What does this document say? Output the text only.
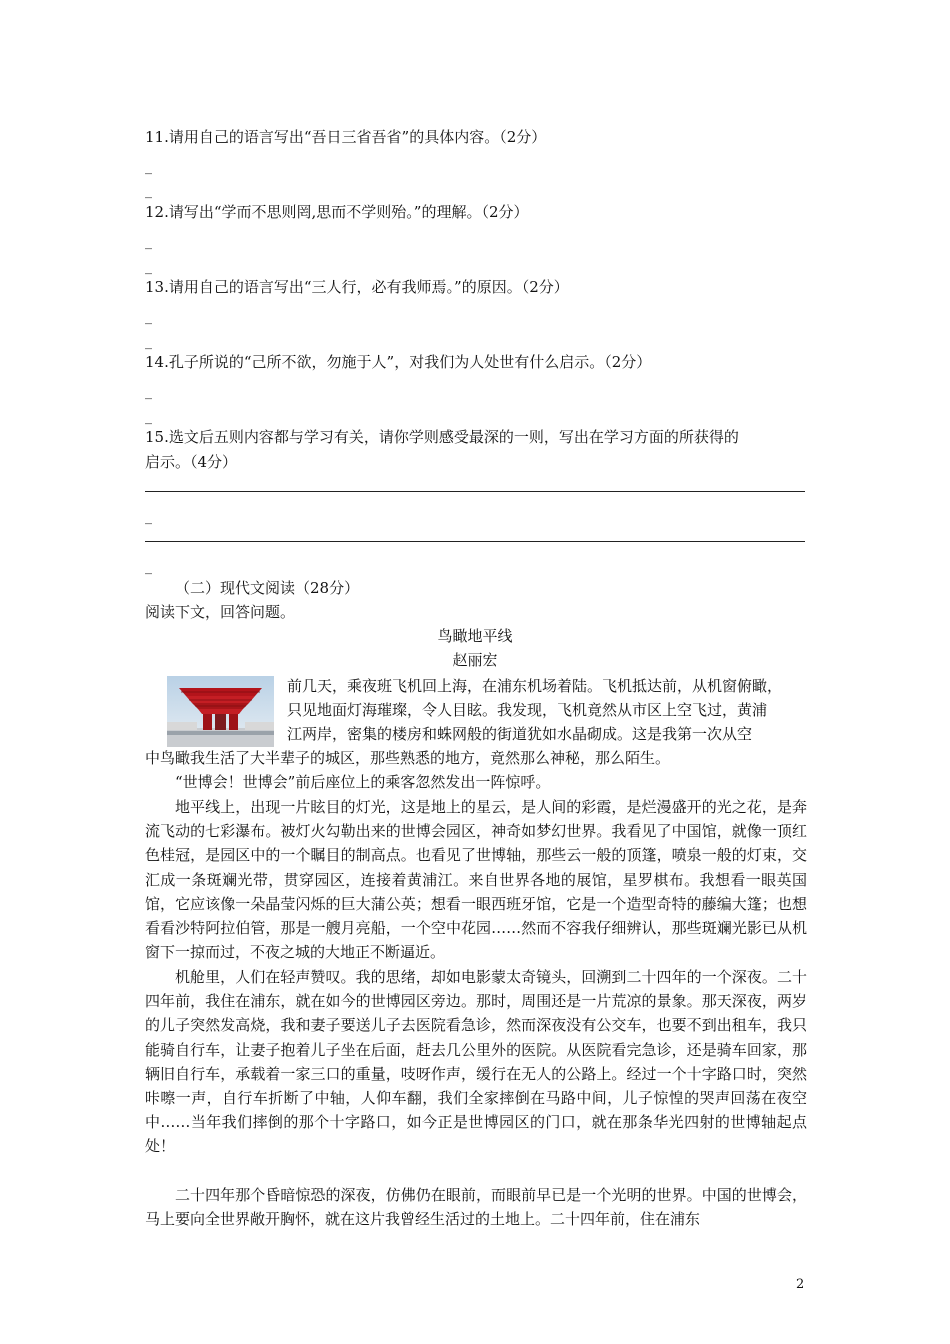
11.请用自己的语言写出“吾日三省吾省”的具体内容。（2分）
_
_
12.请写出“学而不思则罔,思而不学则殆。”的理解。（2分）
_
_
13.请用自己的语言写出“三人行，必有我师焉。”的原因。（2分）
_
_
14.孔子所说的“己所不欲，勿施于人”，对我们为人处世有什么启示。（2分）
_
_
15.选文后五则内容都与学习有关，请你学则感受最深的一则，写出在学习方面的所获得的
启示。（4分）
_
_
（二）现代文阅读（28分）
阅读下文，回答问题。
鸟瞰地平线
赵丽宏
前几天，乘夜班飞机回上海，在浦东机场着陆。飞机抵达前，从机窗俯瞰，
只见地面灯海璀璨，令人目眩。我发现，飞机竟然从市区上空飞过，黄浦
江两岸，密集的楼房和蛛网般的街道犹如水晶砌成。这是我第一次从空
中鸟瞰我生活了大半辈子的城区，那些熟悉的地方，竟然那么神秘，那么陌生。
“世博会！世博会”前后座位上的乘客忽然发出一阵惊呼。
地平线上，出现一片眩目的灯光，这是地上的星云，是人间的彩霞，是烂漫盛开的光之花，是奔流飞动的七彩瀑布。被灯火勾勒出来的世博会园区，神奇如梦幻世界。我看见了中国馆，就像一顶红色桂冠，是园区中的一个瞩目的制高点。也看见了世博轴，那些云一般的顶篷，喷泉一般的灯束，交汇成一条斑斓光带，贯穿园区，连接着黄浦江。来自世界各地的展馆，星罗棋布。我想看一眼英国馆，它应该像一朵晶莹闪烁的巨大蒲公英；想看一眼西班牙馆，它是一个造型奇特的藤编大篷；也想看看沙特阿拉伯管，那是一艘月亮船，一个空中花园……然而不容我仔细辨认，那些斑斓光影已从机窗下一掠而过，不夜之城的大地正不断逼近。
机舱里，人们在轻声赞叹。我的思绪，却如电影蒙太奇镜头，回溯到二十四年的一个深夜。二十四年前，我住在浦东，就在如今的世博园区旁边。那时，周围还是一片荒凉的景象。那天深夜，两岁的儿子突然发高烧，我和妻子要送儿子去医院看急诊，然而深夜没有公交车，也要不到出租车，我只能骑自行车，让妻子抱着儿子坐在后面，赶去几公里外的医院。从医院看完急诊，还是骑车回家，那辆旧自行车，承载着一家三口的重量，吱呀作声，缓行在无人的公路上。经过一个十字路口时，突然咔嚓一声，自行车折断了中轴，人仰车翻，我们全家摔倒在马路中间，儿子惊惶的哭声回荡在夜空中……当年我们摔倒的那个十字路口，如今正是世博园区的门口，就在那条华光四射的世博轴起点处！
二十四年那个昏暗惊恐的深夜，仿佛仍在眼前，而眼前早已是一个光明的世界。中国的世博会，马上要向全世界敞开胸怀，就在这片我曾经生活过的土地上。二十四年前，住在浦东
2
